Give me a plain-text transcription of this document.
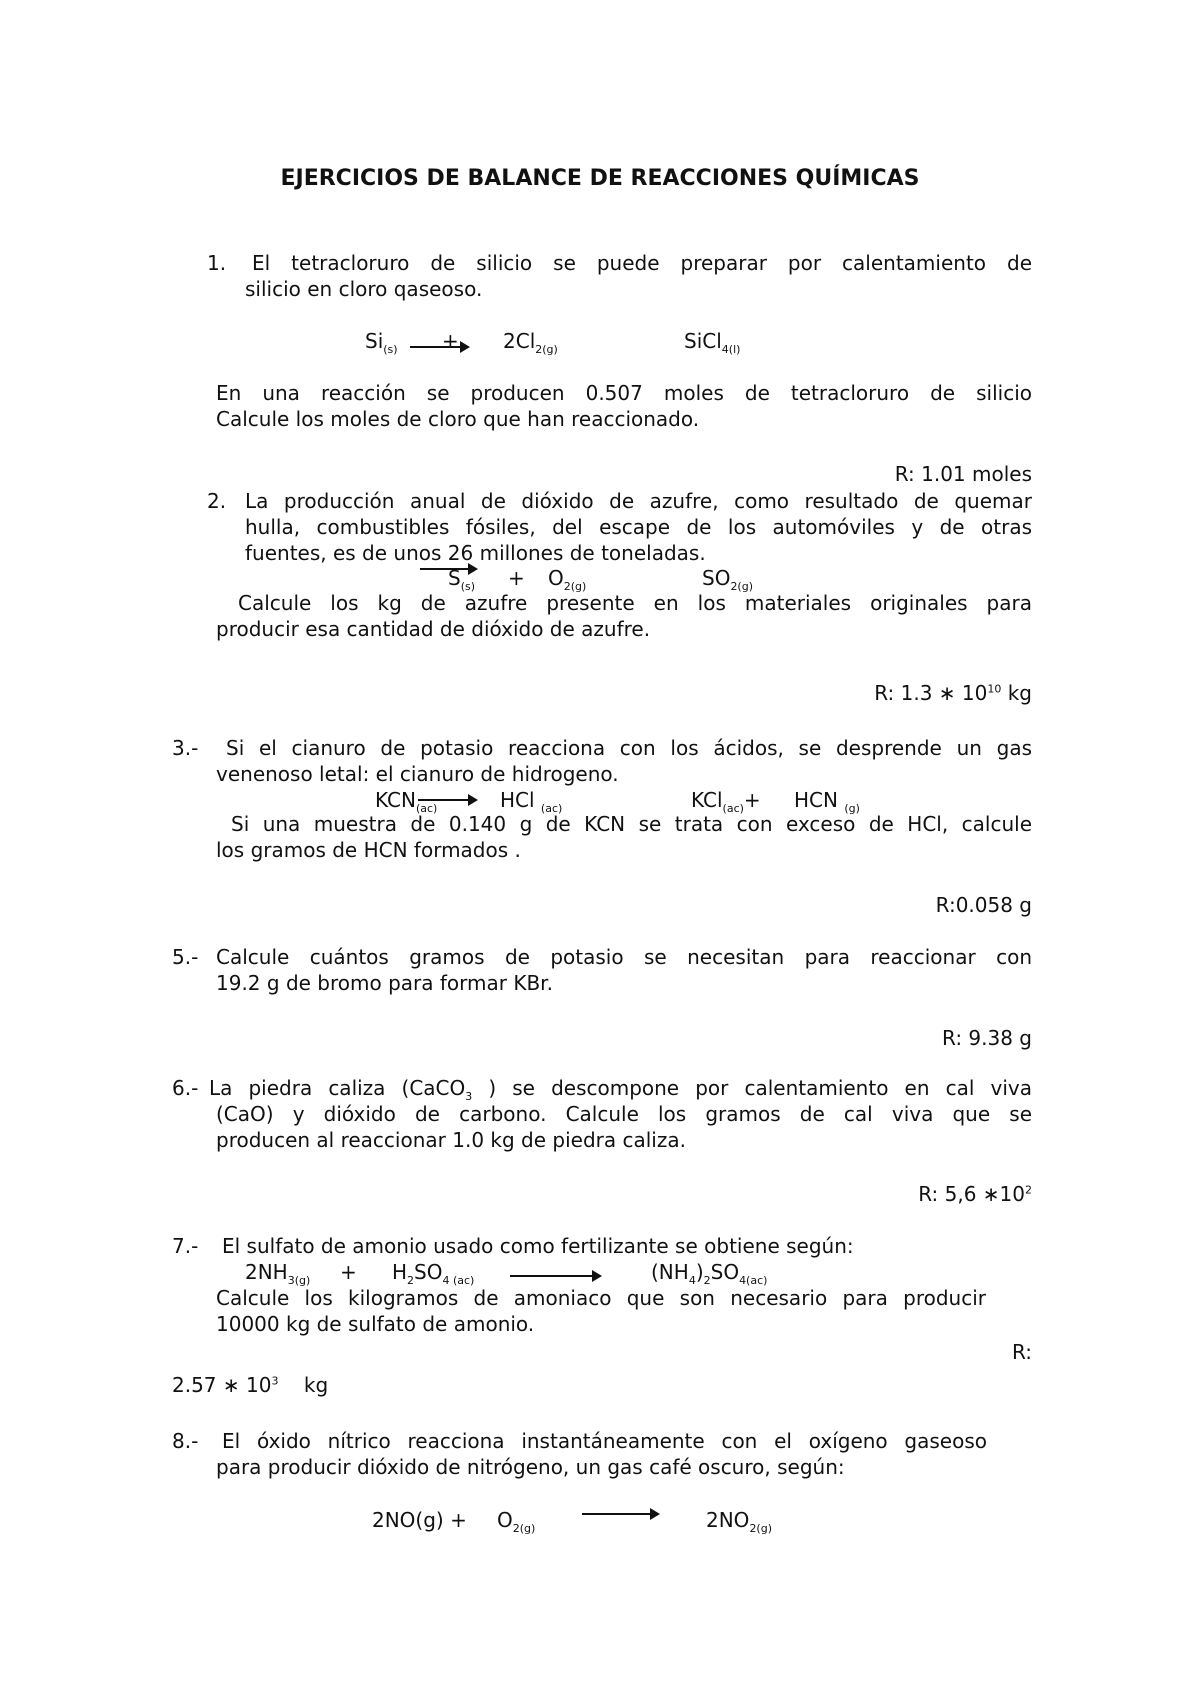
EJERCICIOS DE BALANCE DE REACCIONES QUÍMICAS
1. El tetracloruro de silicio se puede preparar por calentamiento de
silicio en cloro qaseoso.
$Si_{(s)}$ →
+ $2Cl_{2(g)}$	SiCl$_{4(l)}$
En una reacción se producen 0.507 moles de tetracloruro de silicio
Calcule los moles de cloro que han reaccionado.
R: 1.01 moles
2. La producción anual de dióxido de azufre, como resultado de quemar
hulla, combustibles fósiles, del escape de los automóviles y de otras
fuentes, es de unos 26 millones de toneladas.
$S_{(s)} + O_{2(g)}$	$SO_{2(g)}$
Calcule los kg de azufre presente en los materiales originales para
producir esa cantidad de dióxido de azufre.
R: 1.3 ∗ $10^{10}$ kg
3.- Si el cianuro de potasio reacciona con los ácidos, se desprende un gas
venenoso letal: el cianuro de hidrogeno.
$KCN_{(ac)}$ → HCl $_{(ac)}$	KCl$_{(ac)}$+ HCN $_{(g)}$
Si una muestra de 0.140 g de KCN se trata con exceso de HCl, calcule
los gramos de HCN formados .
R:0.058 g
5.- Calcule cuántos gramos de potasio se necesitan para reaccionar con
19.2 g de bromo para formar KBr.
R: 9.38 g
6.- La piedra caliza (CaCO$_3$ ) se descompone por calentamiento en cal viva
(CaO) y dióxido de carbono. Calcule los gramos de cal viva que se
producen al reaccionar 1.0 kg de piedra caliza.
R: 5,6 $∗10^2$
7.- El sulfato de amonio usado como fertilizante se obtiene según:
$2NH_{3(g)} + H_2SO_{4 (ac)}$	$(NH_4)_2SO_{4(ac)}$
Calcule los kilogramos de amoniaco que son necesario para producir
10000 kg de sulfato de amonio.
R:
2.57 ∗ $10^3$    kg
8.- El óxido nítrico reacciona instantáneamente con el oxígeno gaseoso
para producir dióxido de nitrógeno, un gas café oscuro, según:
$2NO(g) + O_{2(g)}$	$2NO_{2(g)}$
